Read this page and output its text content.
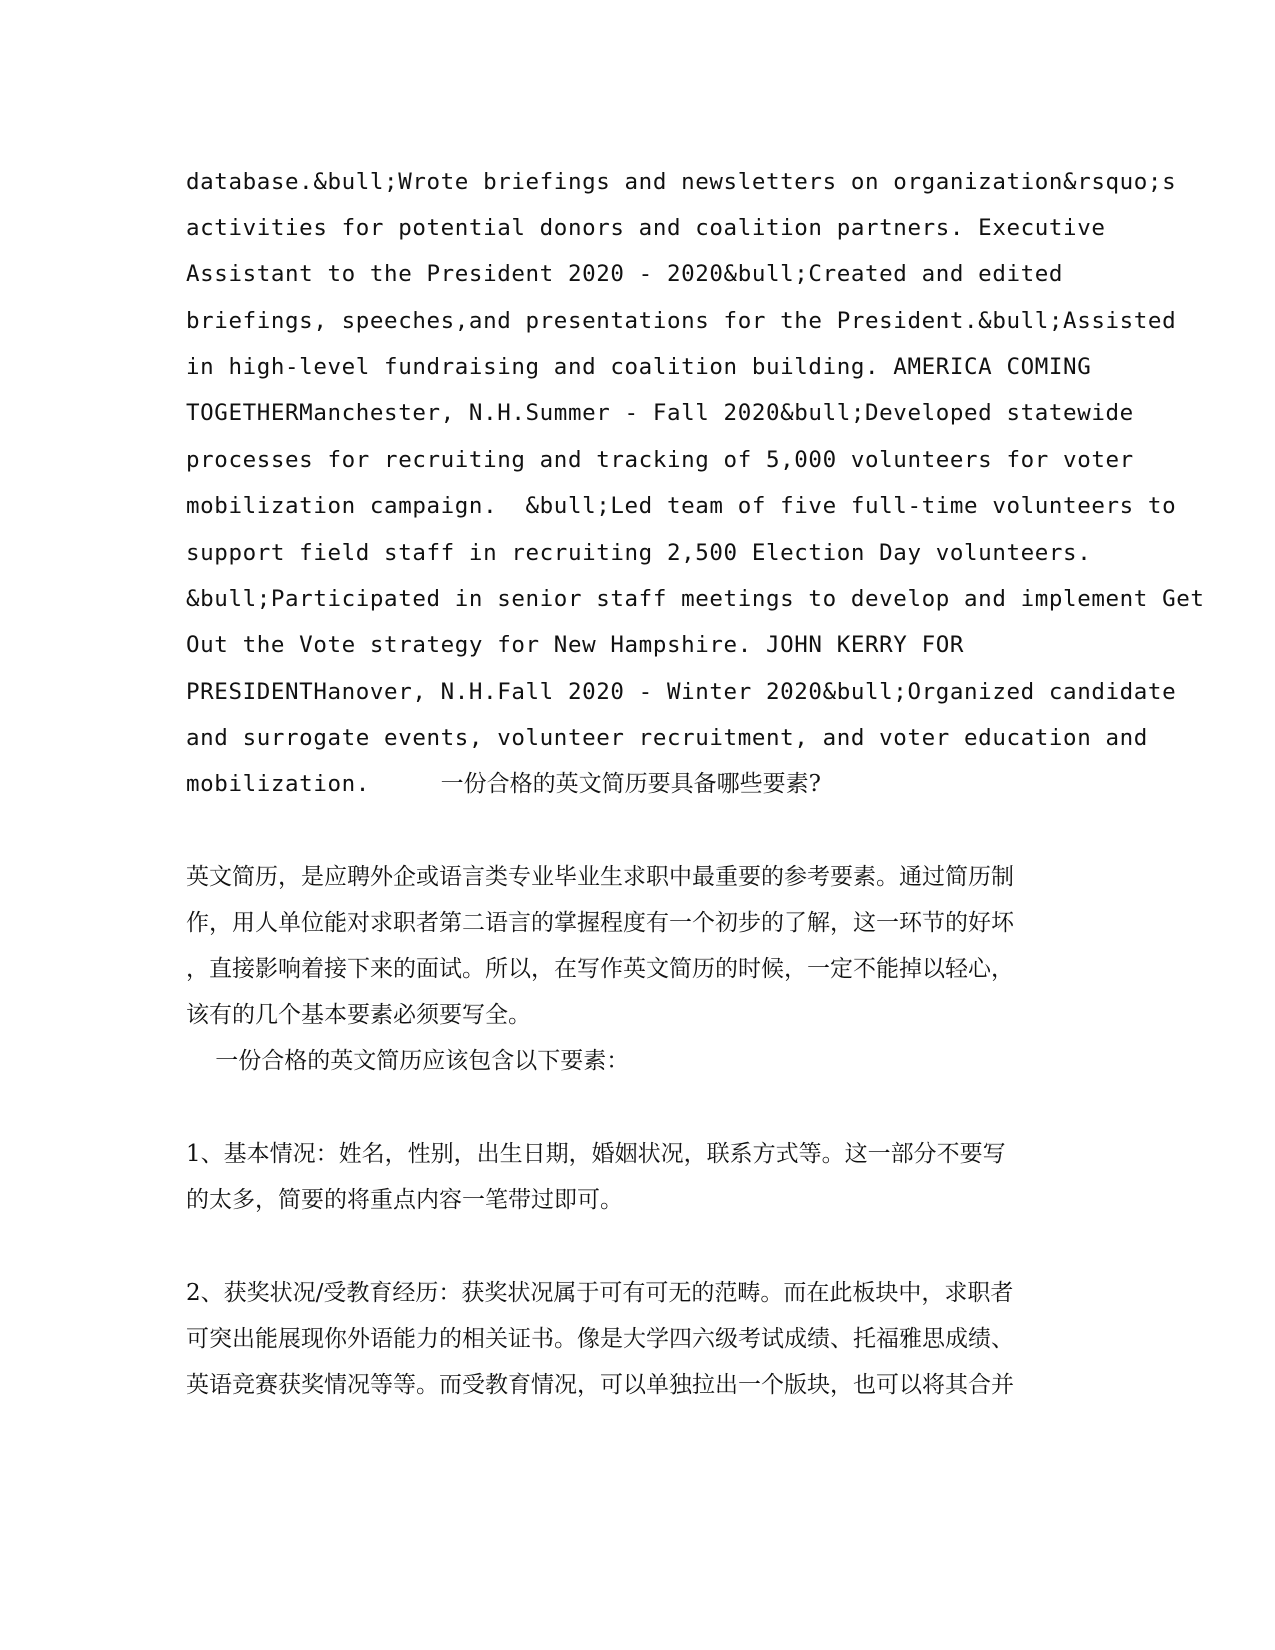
database.&bull;Wrote briefings and newsletters on organization&rsquo;s

activities for potential donors and coalition partners. Executive

Assistant to the President 2020 - 2020&bull;Created and edited

briefings, speeches,and presentations for the President.&bull;Assisted

in high-level fundraising and coalition building. AMERICA COMING

TOGETHERManchester, N.H.Summer - Fall 2020&bull;Developed statewide

processes for recruiting and tracking of 5,000 volunteers for voter

mobilization campaign.  &bull;Led team of five full-time volunteers to

support field staff in recruiting 2,500 Election Day volunteers.

&bull;Participated in senior staff meetings to develop and implement Get

Out the Vote strategy for New Hampshire. JOHN KERRY FOR

PRESIDENTHanover, N.H.Fall 2020 - Winter 2020&bull;Organized candidate

and surrogate events, volunteer recruitment, and voter education and

mobilization.     一份合格的英文简历要具备哪些要素?

英文简历，是应聘外企或语言类专业毕业生求职中最重要的参考要素。通过简历制

作，用人单位能对求职者第二语言的掌握程度有一个初步的了解，这一环节的好坏

，直接影响着接下来的面试。所以，在写作英文简历的时候，一定不能掉以轻心，

该有的几个基本要素必须要写全。

一份合格的英文简历应该包含以下要素：

1、基本情况：姓名，性别，出生日期，婚姻状况，联系方式等。这一部分不要写

的太多，简要的将重点内容一笔带过即可。

2、获奖状况/受教育经历：获奖状况属于可有可无的范畴。而在此板块中，求职者

可突出能展现你外语能力的相关证书。像是大学四六级考试成绩、托福雅思成绩、

英语竞赛获奖情况等等。而受教育情况，可以单独拉出一个版块，也可以将其合并
